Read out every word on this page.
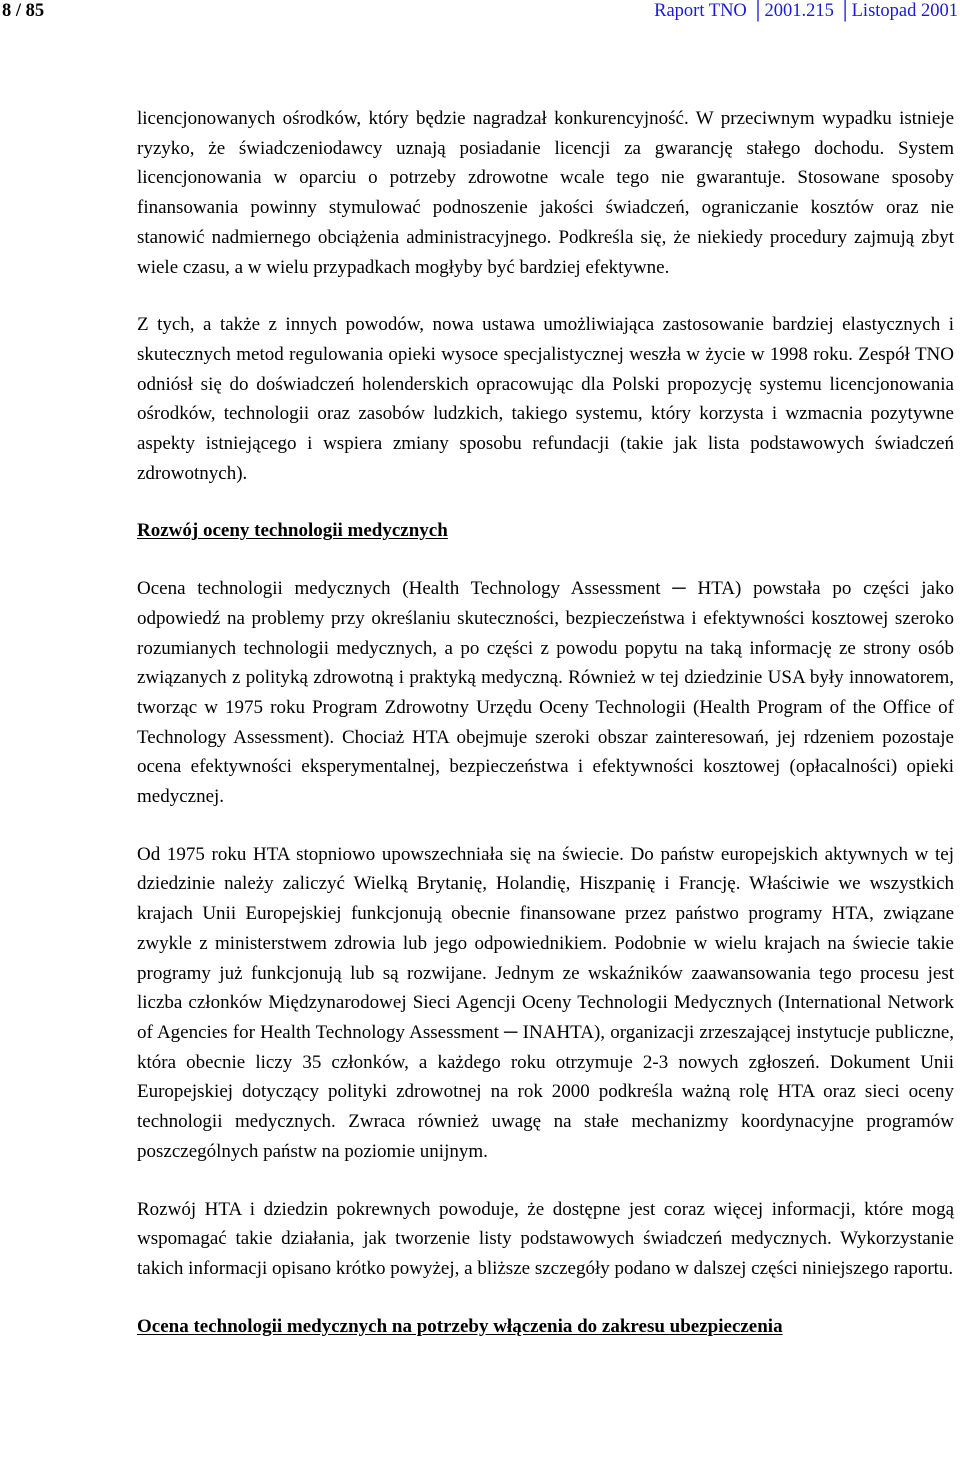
8 / 85	Raport TNO │2001.215 │Listopad 2001

licencjonowanych ośrodków, który będzie nagradzał konkurencyjność. W przeciwnym wypadku istnieje ryzyko, że świadczeniodawcy uznają posiadanie licencji za gwarancję stałego dochodu. System licencjonowania w oparciu o potrzeby zdrowotne wcale tego nie gwarantuje. Stosowane sposoby finansowania powinny stymulować podnoszenie jakości świadczeń, ograniczanie kosztów oraz nie stanowić nadmiernego obciążenia administracyjnego. Podkreśla się, że niekiedy procedury zajmują zbyt wiele czasu, a w wielu przypadkach mogłyby być bardziej efektywne.

Z tych, a także z innych powodów, nowa ustawa umożliwiająca zastosowanie bardziej elastycznych i skutecznych metod regulowania opieki wysoce specjalistycznej weszła w życie w 1998 roku. Zespół TNO odniósł się do doświadczeń holenderskich opracowując dla Polski propozycję systemu licencjonowania ośrodków, technologii oraz zasobów ludzkich, takiego systemu, który korzysta i wzmacnia pozytywne aspekty istniejącego i wspiera zmiany sposobu refundacji (takie jak lista podstawowych świadczeń zdrowotnych).

Rozwój oceny technologii medycznych

Ocena technologii medycznych (Health Technology Assessment ─ HTA) powstała po części jako odpowiedź na problemy przy określaniu skuteczności, bezpieczeństwa i efektywności kosztowej szeroko rozumianych technologii medycznych, a po części z powodu popytu na taką informację ze strony osób związanych z polityką zdrowotną i praktyką medyczną. Również w tej dziedzinie USA były innowatorem, tworząc w 1975 roku Program Zdrowotny Urzędu Oceny Technologii (Health Program of the Office of Technology Assessment). Chociaż HTA obejmuje szeroki obszar zainteresowań, jej rdzeniem pozostaje ocena efektywności eksperymentalnej, bezpieczeństwa i efektywności kosztowej (opłacalności) opieki medycznej.

Od 1975 roku HTA stopniowo upowszechniała się na świecie. Do państw europejskich aktywnych w tej dziedzinie należy zaliczyć Wielką Brytanię, Holandię, Hiszpanię i Francję. Właściwie we wszystkich krajach Unii Europejskiej funkcjonują obecnie finansowane przez państwo programy HTA, związane zwykle z ministerstwem zdrowia lub jego odpowiednikiem. Podobnie w wielu krajach na świecie takie programy już funkcjonują lub są rozwijane. Jednym ze wskaźników zaawansowania tego procesu jest liczba członków Międzynarodowej Sieci Agencji Oceny Technologii Medycznych (International Network of Agencies for Health Technology Assessment ─ INAHTA), organizacji zrzeszającej instytucje publiczne, która obecnie liczy 35 członków, a każdego roku otrzymuje 2-3 nowych zgłoszeń. Dokument Unii Europejskiej dotyczący polityki zdrowotnej na rok 2000 podkreśla ważną rolę HTA oraz sieci oceny technologii medycznych. Zwraca również uwagę na stałe mechanizmy koordynacyjne programów poszczególnych państw na poziomie unijnym.

Rozwój HTA i dziedzin pokrewnych powoduje, że dostępne jest coraz więcej informacji, które mogą wspomagać takie działania, jak tworzenie listy podstawowych świadczeń medycznych. Wykorzystanie takich informacji opisano krótko powyżej, a bliższe szczegóły podano w dalszej części niniejszego raportu.

Ocena technologii medycznych na potrzeby włączenia do zakresu ubezpieczenia
